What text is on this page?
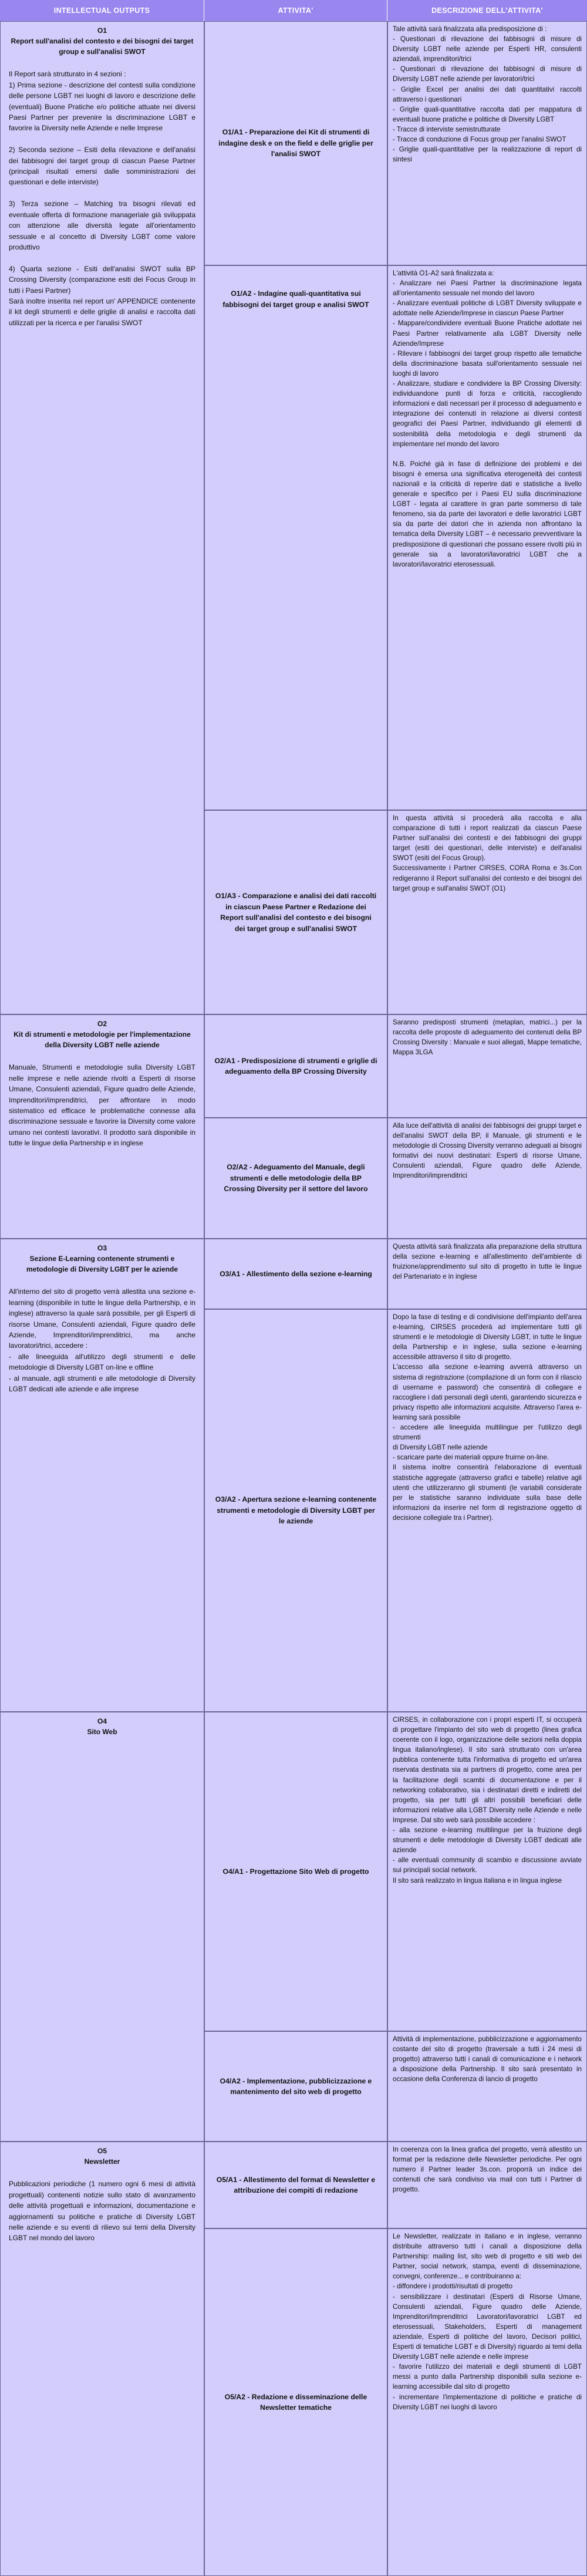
INTELLECTUAL OUTPUTS	ATTIVITA'	DESCRIZIONE DELL'ATTIVITA'
O1
Report sull'analisi del contesto e dei bisogni dei target group e sull'analisi SWOT

Il Report sarà strutturato in 4 sezioni :
1) Prima sezione - descrizione del contesti sulla condizione delle persone LGBT nei luoghi di lavoro e descrizione delle (eventuali) Buone Pratiche e/o politiche attuate nei diversi Paesi Partner per prevenire la discriminazione LGBT e favorire la Diversity nelle Aziende e nelle Imprese

2) Seconda sezione – Esiti della rilevazione e dell'analisi dei fabbisogni dei target group di ciascun Paese Partner (principali risultati emersi dalle somministrazioni dei questionari e delle interviste)

3) Terza sezione – Matching tra bisogni rilevati ed eventuale offerta di formazione manageriale già sviluppata con attenzione alle diversità legate all'orientamento sessuale e al concetto di Diversity LGBT come valore produttivo

4) Quarta sezione - Esiti dell'analisi SWOT sulla BP Crossing Diversity (comparazione esiti dei Focus Group in tutti i Paesi Partner)
Sarà inoltre inserita nel report un' APPENDICE contenente il kit degli strumenti e delle griglie di analisi e raccolta dati utilizzati per la ricerca e per l'analisi SWOT
O2
Kit di strumenti e metodologie per l'implementazione della Diversity LGBT nelle aziende

Manuale, Strumenti e metodologie sulla Diversity LGBT nelle imprese e nelle aziende rivolti a Esperti di risorse Umane, Consulenti aziendali, Figure quadro delle Aziende, Imprenditori/imprenditrici, per affrontare in modo sistematico ed efficace le problematiche connesse alla discriminazione sessuale e favorire la Diversity come valore umano nei contesti lavorativi. Il prodotto sarà disponibile in tutte le lingue della Partnership e in inglese
O3
Sezione E-Learning contenente strumenti e metodologie di Diversity LGBT per le aziende

All'interno del sito di progetto verrà allestita una sezione e-learning (disponibile in tutte le lingue della Partnership, e in inglese) attraverso la quale sarà possibile, per gli Esperti di risorse Umane, Consulenti aziendali, Figure quadro delle Aziende, Imprenditori/imprenditrici, ma anche lavoratori/trici, accedere :
- alle lineeguida all'utilizzo degli strumenti e delle metodologie di Diversity LGBT on-line e offline
- al manuale, agli strumenti e alle metodologie di Diversity LGBT dedicati alle aziende e alle imprese
O4
Sito Web
O5
Newsletter

Pubblicazioni periodiche (1 numero ogni 6 mesi di attività progettuali) contenenti notizie sullo stato di avanzamento delle attività progettuali e informazioni, documentazione e aggiornamenti su politiche e pratiche di Diversity LGBT nelle aziende e su eventi di rilievo sui temi della Diversity LGBT nel mondo del lavoro
O1/A1 - Preparazione dei Kit di strumenti di indagine desk e on the field e delle griglie per l'analisi SWOT
Tale attività sarà finalizzata alla predisposizione di :
- Questionari di rilevazione dei fabbisogni di misure di Diversity LGBT nelle aziende per Esperti HR, consulenti aziendali, imprenditori/trici
- Questionari di rilevazione dei fabbisogni di misure di Diversity LGBT nelle aziende per lavoratori/trici
- Griglie Excel per analisi dei dati quantitativi raccolti attraverso i questionari
- Griglie quali-quantitative raccolta dati per mappatura di eventuali buone pratiche e politiche di Diversity LGBT
- Tracce di interviste semistrutturate
- Tracce di conduzione di Focus group per l'analisi SWOT
- Griglie quali-quantitative per la realizzazione di report di sintesi
O1/A2 - Indagine quali-quantitativa sui fabbisogni dei target group e analisi SWOT
L'attività O1-A2 sarà finalizzata a:
- Analizzare nei Paesi Partner la discriminazione legata all'orientamento sessuale nel mondo del lavoro
- Analizzare eventuali politiche di LGBT Diversity sviluppate e adottate nelle Aziende/Imprese in ciascun Paese Partner
- Mappare/condividere eventuali Buone Pratiche adottate nei Paesi Partner relativamente alla LGBT Diversity nelle Aziende/Imprese
- Rilevare i fabbisogni dei target group rispetto alle tematiche della discriminazione basata sull'orientamento sessuale nei luoghi di lavoro
- Analizzare, studiare e condividere la BP Crossing Diversity: individuandone punti di forza e criticità, raccogliendo informazioni e dati necessari per il processo di adeguamento e integrazione dei contenuti in relazione ai diversi contesti geografici dei Paesi Partner, individuando gli elementi di sostenibilità della metodologia e degli strumenti da implementare nel mondo del lavoro

N.B. Poiché già in fase di definizione dei problemi e dei bisogni è emersa una significativa eterogeneità dei contesti nazionali e la criticità di reperire dati e statistiche a livello generale e specifico per i Paesi EU sulla discriminazione LGBT - legata al carattere in gran parte sommerso di tale fenomeno, sia da parte dei lavoratori e delle lavoratrici LGBT sia da parte dei datori che in azienda non affrontano la tematica della Diversity LGBT – è necessario prevventivare la predisposizione di questionari che possano essere rivolti più in generale sia a lavoratori/lavoratrici LGBT che a lavoratori/lavoratrici eterosessuali.
O1/A3 - Comparazione e analisi dei dati raccolti in ciascun Paese Partner e Redazione dei Report sull'analisi del contesto e dei bisogni dei target group e sull'analisi SWOT
In questa attività si procederà alla raccolta e alla comparazione di tutti i report realizzati da ciascun Paese Partner sull'analisi dei contesti e dei fabbisogni dei gruppi target (esiti dei questionari, delle interviste) e dell'analisi SWOT (esiti del Focus Group).
Successivamente i Partner CIRSES, CORA Roma e 3s.Con redigeranno il Report sull'analisi del contesto e dei bisogni dei target group e sull'analisi SWOT (O1)
O2/A1 - Predisposizione di strumenti e griglie di adeguamento della BP Crossing Diversity
Saranno predisposti strumenti (metaplan, matrici...) per la raccolta delle proposte di adeguamento dei contenuti della BP Crossing Diversity : Manuale e suoi allegati, Mappe tematiche, Mappa 3LGA
O2/A2 - Adeguamento del Manuale, degli strumenti e delle metodologie della BP Crossing Diversity per il settore del lavoro
Alla luce dell'attività di analisi dei fabbisogni dei gruppi target e dell'analisi SWOT della BP, il Manuale, gli strumenti e le metodologie di Crossing Diversity verranno adeguati ai bisogni formativi dei nuovi destinatari: Esperti di risorse Umane, Consulenti aziendali, Figure quadro delle Aziende, Imprenditori/imprenditrici
O3/A1 - Allestimento della sezione e-learning
Questa attività sarà finalizzata alla preparazione della struttura della sezione e-learning e all'allestimento dell'ambiente di fruizione/apprendimento sul sito di progetto in tutte le lingue del Partenariato e in inglese
O3/A2 - Apertura sezione e-learning contenente strumenti e metodologie di Diversity LGBT per le aziende
Dopo la fase di testing e di condivisione dell'impianto dell'area e-learning, CIRSES procederà ad implementare tutti gli strumenti e le metodologie di Diversity LGBT, in tutte le lingue della Partnership e in inglese, sulla sezione e-learning accessibile attraverso il sito di progetto.
L'accesso alla sezione e-learning avverrà attraverso un sistema di registrazione (compilazione di un form con il rilascio di username e password) che consentirà di collegare e raccogliere i dati personali degli utenti, garantendo sicurezza e privacy rispetto alle informazioni acquisite. Attraverso l'area e-learning sarà possibile
- accedere alle lineeguida multilingue per l'utilizzo degli strumenti
di Diversity LGBT nelle aziende
- scaricare parte dei materiali oppure fruirne on-line.
Il sistema inoltre consentirà l'elaborazione di eventuali statistiche aggregate (attraverso grafici e tabelle) relative agli utenti che utilizzeranno gli strumenti (le variabili considerate per le statistiche saranno individuate sulla base delle informazioni da inserire nel form di registrazione oggetto di decisione collegiale tra i Partner).
O4/A1 - Progettazione Sito Web di progetto
CIRSES, in collaborazione con i propri esperti IT, si occuperà di progettare l'impianto del sito web di progetto (linea grafica coerente con il logo, organizzazione delle sezioni nella doppia lingua italiano/inglese). Il sito sarà strutturato con un'area pubblica contenente tutta l'informativa di progetto ed un'area riservata destinata sia ai partners di progetto, come area per la facilitazione degli scambi di documentazione e per il networking collaborativo, sia i destinatari diretti e indiretti del progetto, sia per tutti gli altri possibili beneficiari delle informazioni relative alla LGBT Diversity nelle Aziende e nelle Imprese. Dal sito web sarà possibile accedere :
- alla sezione e-learning multilingue per la fruizione degli strumenti e delle metodologie di Diversity LGBT dedicati alle aziende
- alle eventuali community di scambio e discussione avviate sui principali social network.
Il sito sarà realizzato in lingua italiana e in lingua inglese
O4/A2 - Implementazione, pubblicizzazione e mantenimento del sito web di progetto
Attività di implementazione, pubblicizzazione e aggiornamento costante del sito di progetto (traversale a tutti i 24 mesi di progetto) attraverso tutti i canali di comunicazione e i network a disposizione della Partnership. Il sito sarà presentato in occasione della Conferenza di lancio di progetto
O5/A1 - Allestimento del format di Newsletter e attribuzione dei compiti di redazione
In coerenza con la linea grafica del progetto, verrà allestito un format per la redazione delle Newsletter periodiche. Per ogni numero il Partner leader 3s.con. proporrà un indice dei contenuti che sarà condiviso via mail con tutti i Partner di progetto.
O5/A2 - Redazione e disseminazione delle Newsletter tematiche
Le Newsletter, realizzate in italiano e in inglese, verranno distribuite attraverso tutti i canali a disposizione della Partnership: mailing list, sito web di progetto e siti web dei Partner, social network, stampa, eventi di disseminazione, convegni, conferenze... e contribuiranno a:
- diffondere i prodotti/risultati di progetto
- sensibilizzare i destinatari (Esperti di Risorse Umane, Consulenti aziendali, Figure quadro delle Aziende, Imprenditori/Imprenditrici Lavoratori/lavoratrici LGBT ed eterosessuali, Stakeholders, Esperti di management aziendale, Esperti di politiche del lavoro, Decisori politici, Esperti di tematiche LGBT e di Diversity) riguardo ai temi della Diversity LGBT nelle aziende e nelle imprese
- favorire l'utilizzo dei materiali e degli strumenti di LGBT messi a punto dalla Partnership disponibili sulla sezione e-learning accessibile dal sito di progetto
- incrementare l'implementazione di politiche e pratiche di Diversity LGBT nei luoghi di lavoro
